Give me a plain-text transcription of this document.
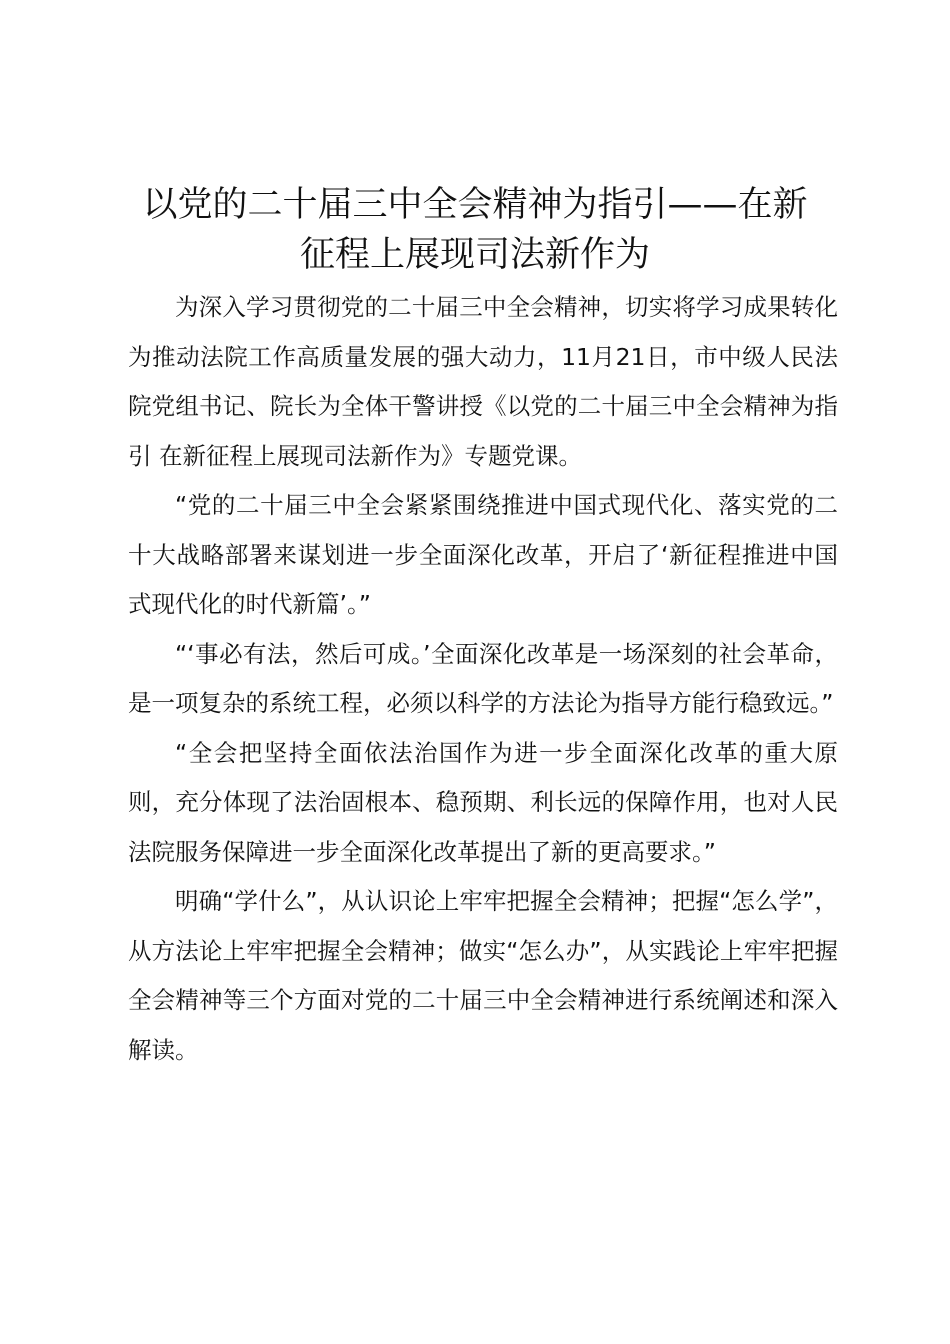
以党的二十届三中全会精神为指引——在新
征程上展现司法新作为

为深入学习贯彻党的二十届三中全会精神，切实将学习成果转化为推动法院工作高质量发展的强大动力，11月21日，市中级人民法院党组书记、院长为全体干警讲授《以党的二十届三中全会精神为指引 在新征程上展现司法新作为》专题党课。

“党的二十届三中全会紧紧围绕推进中国式现代化、落实党的二十大战略部署来谋划进一步全面深化改革，开启了‘新征程推进中国式现代化的时代新篇’。”

“‘事必有法，然后可成。’全面深化改革是一场深刻的社会革命，是一项复杂的系统工程，必须以科学的方法论为指导方能行稳致远。”

“全会把坚持全面依法治国作为进一步全面深化改革的重大原则，充分体现了法治固根本、稳预期、利长远的保障作用，也对人民法院服务保障进一步全面深化改革提出了新的更高要求。”

明确“学什么”，从认识论上牢牢把握全会精神；把握“怎么学”，从方法论上牢牢把握全会精神；做实“怎么办”，从实践论上牢牢把握全会精神等三个方面对党的二十届三中全会精神进行系统阐述和深入解读。
